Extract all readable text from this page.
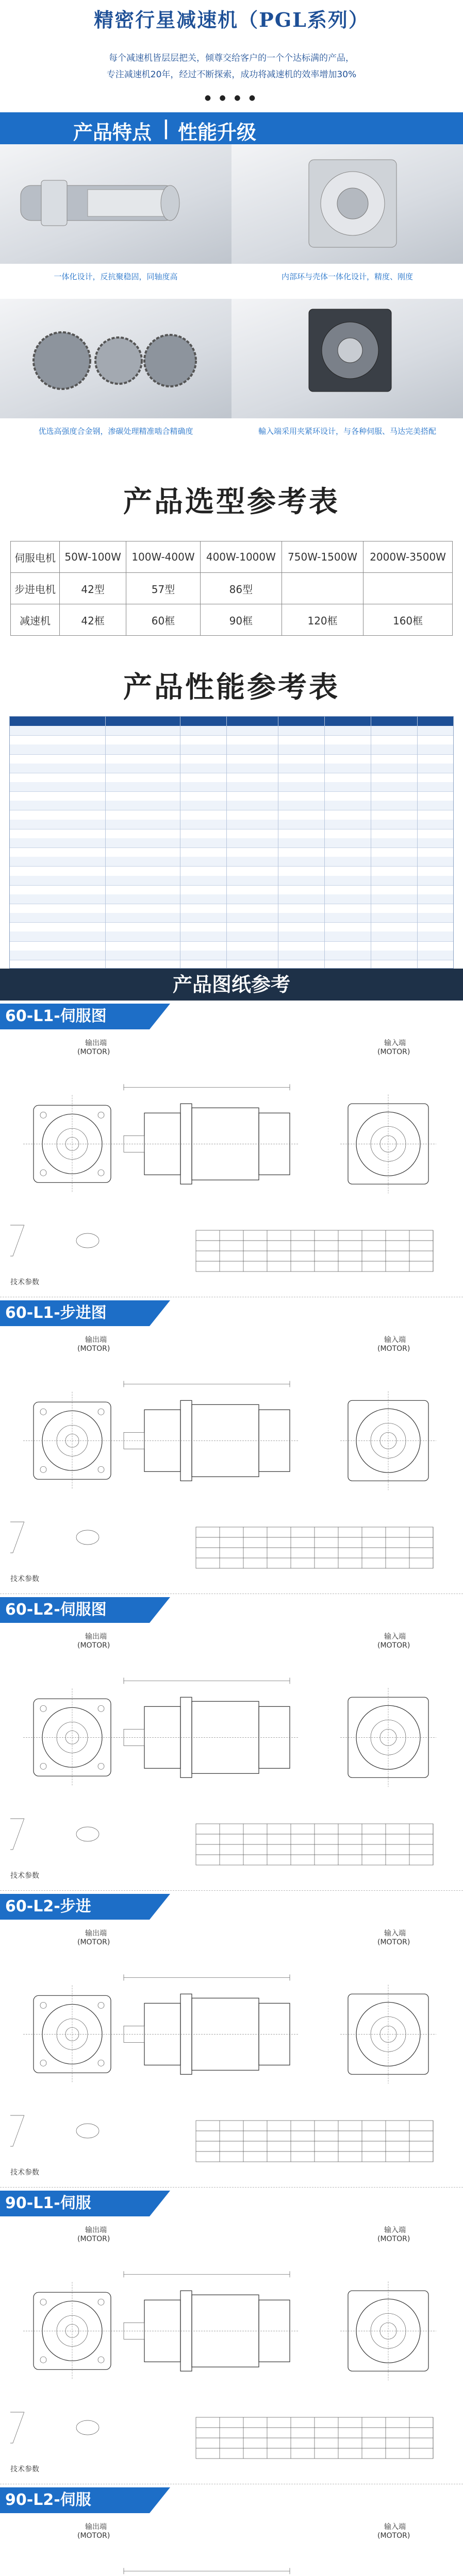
精密行星减速机（PGL系列）
每个减速机皆层层把关，倾尊交给客户的一个个达标满的产品，
专注减速机20年，经过不断探索，成功将减速机的效率增加30%
● ● ● ●
产品特点 | 性能升级
一体化设计，反抗聚稳固，同轴度高	内部环与壳体一体化设计，精度、刚度
优选高强度合金钢，渗碳处理精准啮合精确度	輸入端采用夹紧环设计，与各种伺服、马达完美搭配
产品选型参考表
伺服电机	50W-100W	100W-400W	400W-1000W	750W-1500W	2000W-3500W
步进电机	42型	57型	86型		
减速机	42框	60框	90框	120框	160框
产品性能参考表
产品图纸参考
60-L1-伺服图
输出端
(MOTOR)
输入端
(MOTOR)
技术参数
60-L1-步进图
输出端
(MOTOR)
输入端
(MOTOR)
技术参数
60-L2-伺服图
输出端
(MOTOR)
输入端
(MOTOR)
技术参数
60-L2-步进
输出端
(MOTOR)
输入端
(MOTOR)
技术参数
90-L1-伺服
输出端
(MOTOR)
输入端
(MOTOR)
技术参数
90-L2-伺服
输出端
(MOTOR)
输入端
(MOTOR)
